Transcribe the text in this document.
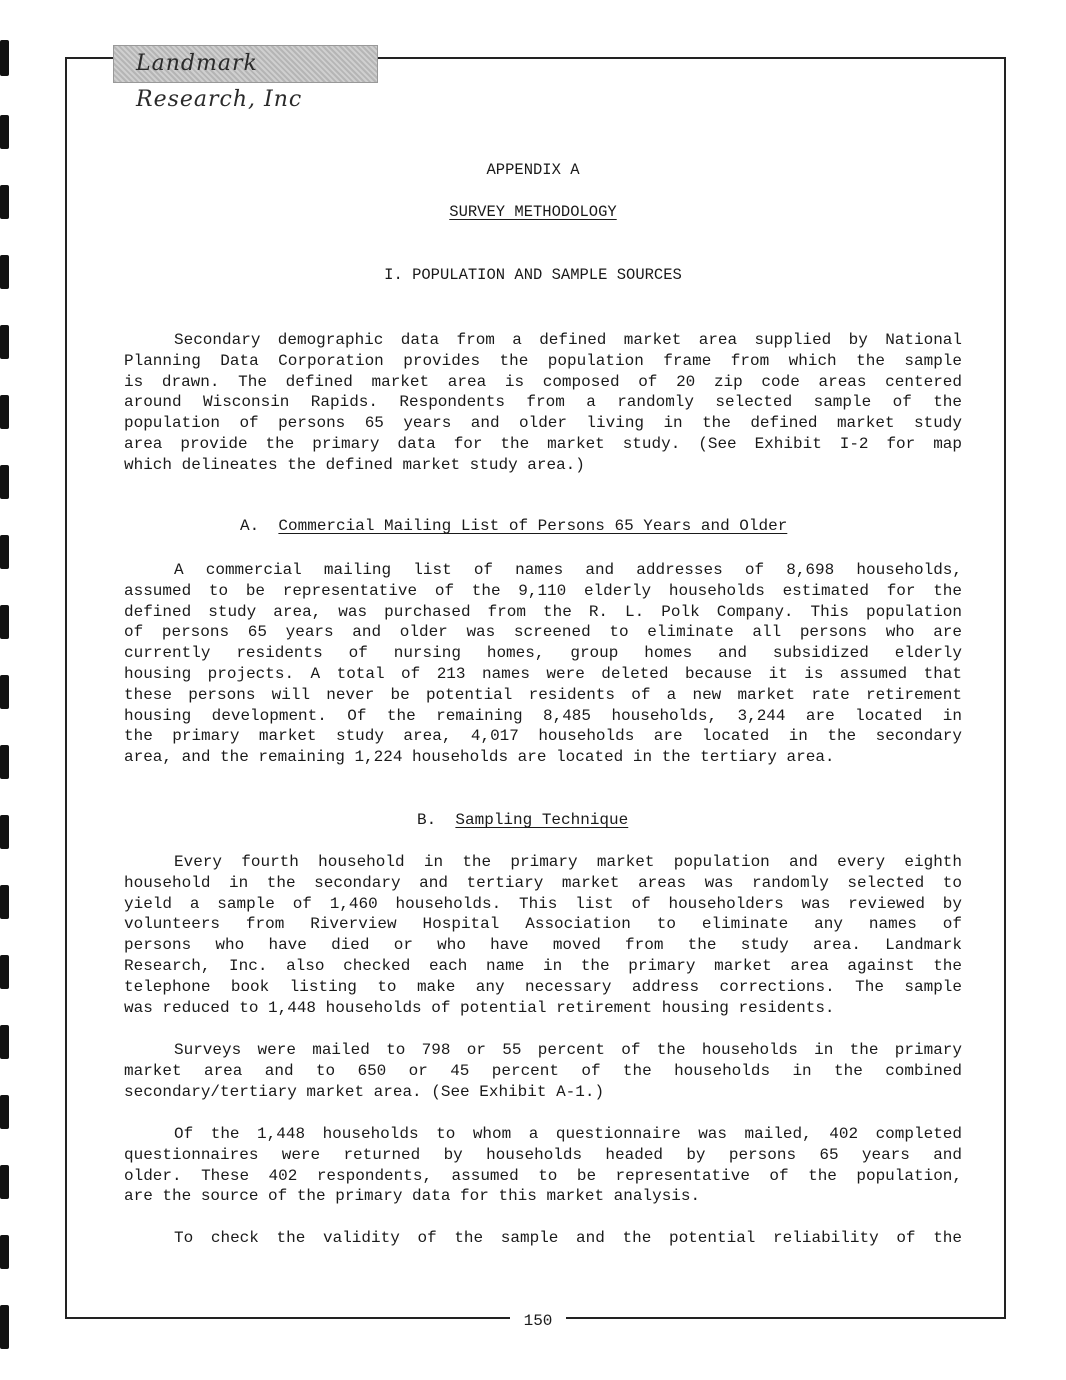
Landmark Research, Inc
APPENDIX A
SURVEY METHODOLOGY
I. POPULATION AND SAMPLE SOURCES
Secondary demographic data from a defined market area supplied by National
Planning Data Corporation provides the population frame from which the sample
is drawn. The defined market area is composed of 20 zip code areas centered
around Wisconsin Rapids. Respondents from a randomly selected sample of the
population of persons 65 years and older living in the defined market study
area provide the primary data for the market study. (See Exhibit I-2 for map
which delineates the defined market study area.)
A. Commercial Mailing List of Persons 65 Years and Older
A commercial mailing list of names and addresses of 8,698 households,
assumed to be representative of the 9,110 elderly households estimated for the
defined study area, was purchased from the R. L. Polk Company. This population
of persons 65 years and older was screened to eliminate all persons who are
currently residents of nursing homes, group homes and subsidized elderly
housing projects. A total of 213 names were deleted because it is assumed that
these persons will never be potential residents of a new market rate retirement
housing development. Of the remaining 8,485 households, 3,244 are located in
the primary market study area, 4,017 households are located in the secondary
area, and the remaining 1,224 households are located in the tertiary area.
B. Sampling Technique
Every fourth household in the primary market population and every eighth
household in the secondary and tertiary market areas was randomly selected to
yield a sample of 1,460 households. This list of householders was reviewed by
volunteers from Riverview Hospital Association to eliminate any names of
persons who have died or who have moved from the study area. Landmark
Research, Inc. also checked each name in the primary market area against the
telephone book listing to make any necessary address corrections. The sample
was reduced to 1,448 households of potential retirement housing residents.
Surveys were mailed to 798 or 55 percent of the households in the primary
market area and to 650 or 45 percent of the households in the combined
secondary/tertiary market area. (See Exhibit A-1.)
Of the 1,448 households to whom a questionnaire was mailed, 402 completed
questionnaires were returned by households headed by persons 65 years and
older. These 402 respondents, assumed to be representative of the population,
are the source of the primary data for this market analysis.
To check the validity of the sample and the potential reliability of the
150
